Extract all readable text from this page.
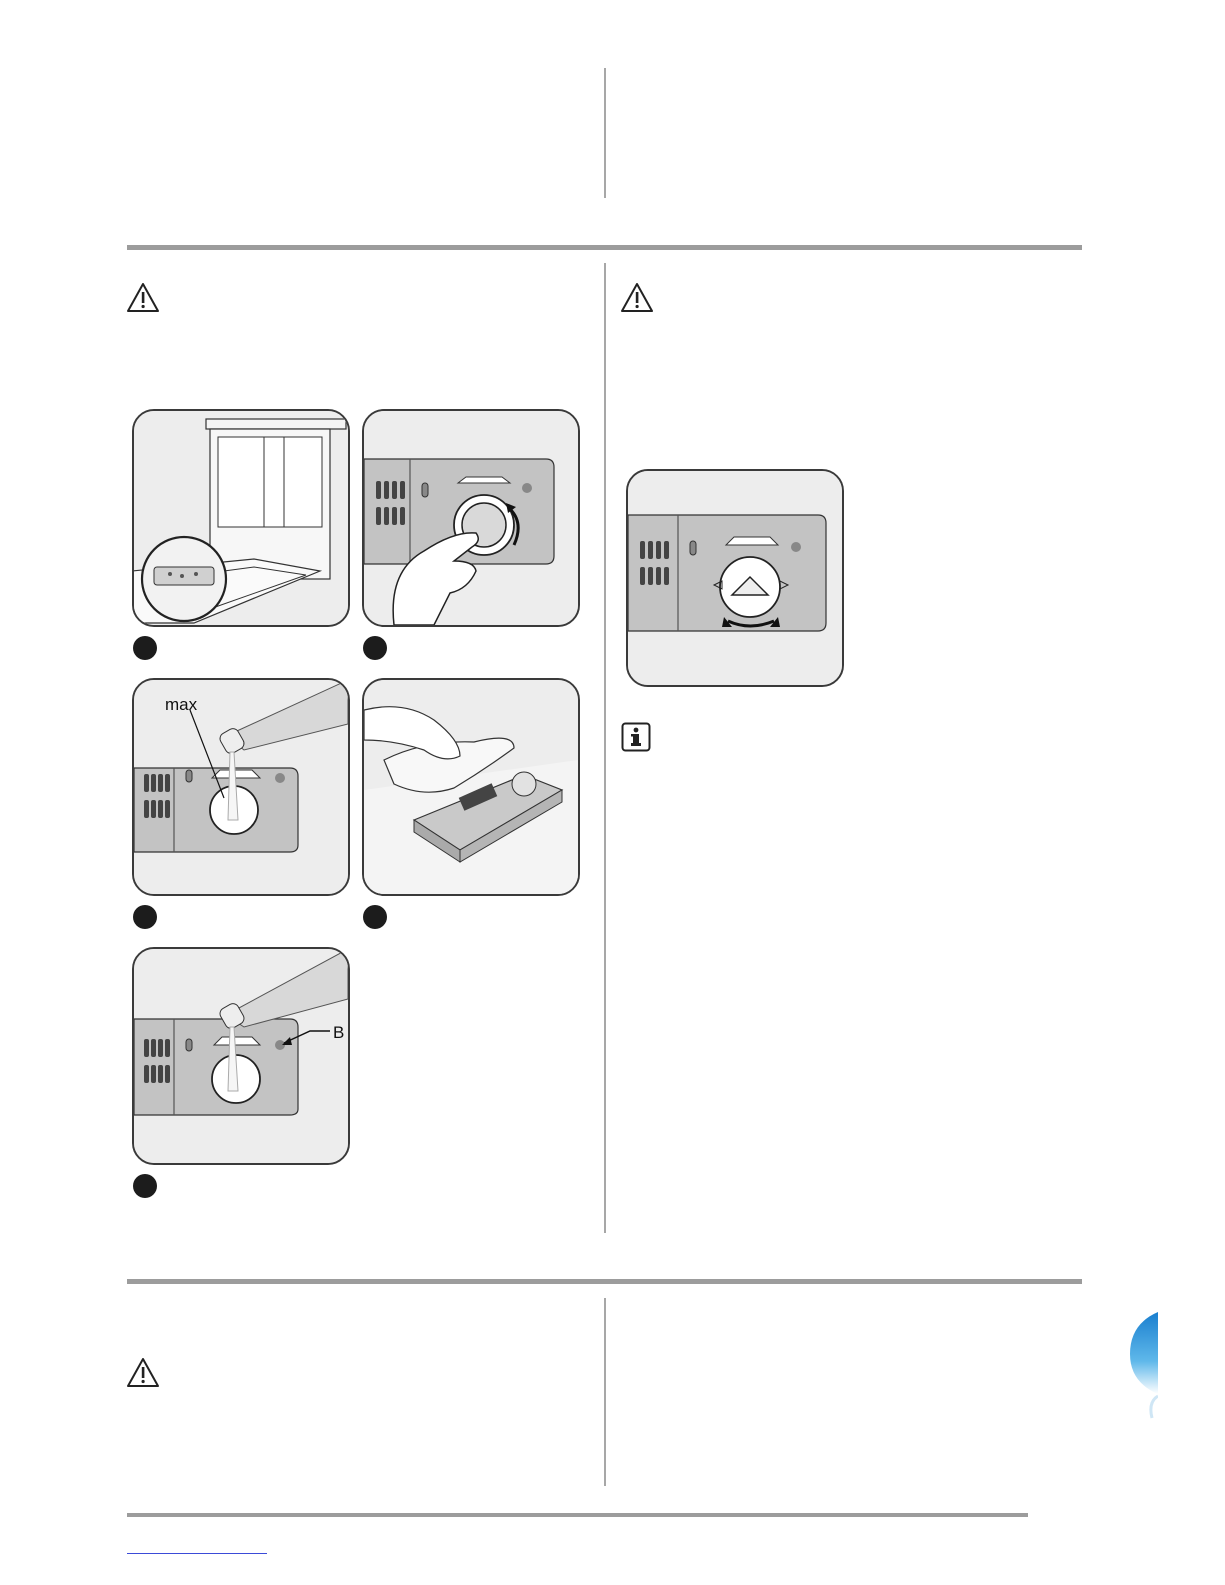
max
B
